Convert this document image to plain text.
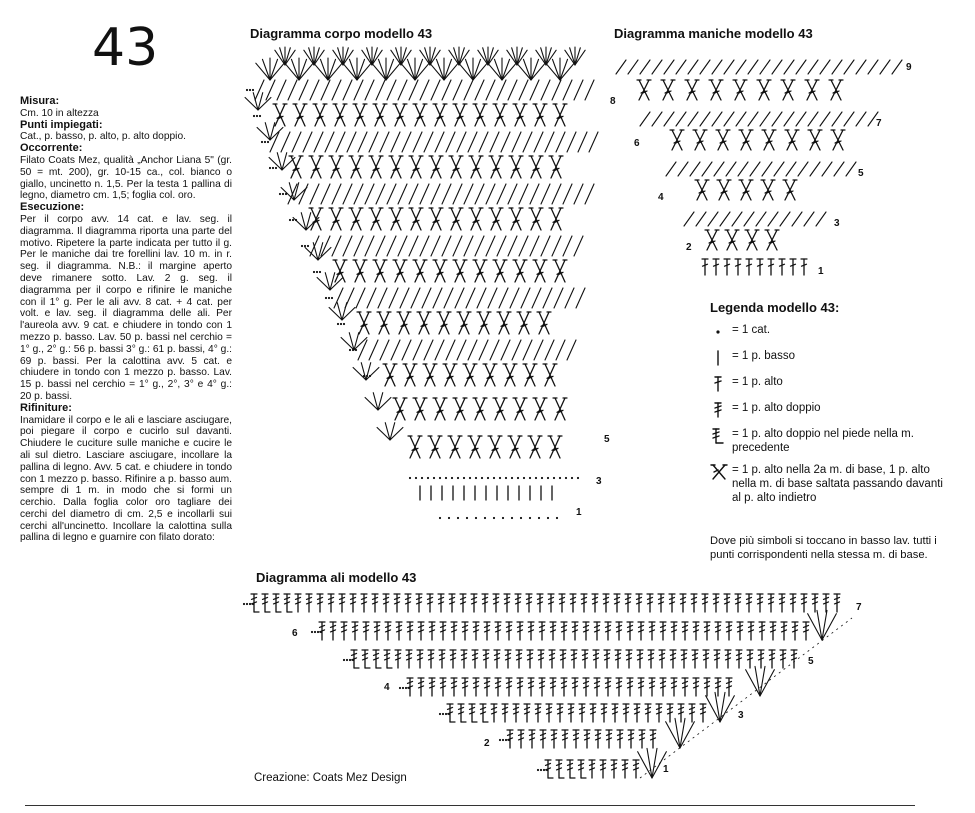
43

Misura:

Cm. 10 in altezza

Punti impiegati:

Cat., p. basso, p. alto, p. alto doppio.

Occorrente:

Filato Coats Mez, qualità „Anchor Liana 5" (gr. 50 = mt. 200), gr. 10-15 ca., col. bianco o giallo, uncinetto n. 1,5. Per la testa 1 pallina di legno, diametro cm. 1,5; foglia col. oro.

Esecuzione:

Per il corpo avv. 14 cat. e lav. seg. il diagramma. Il diagramma riporta una parte del motivo. Ripetere la parte indicata per tutto il g. Per le maniche dai tre forellini lav. 10 m. in r. seg. il diagramma. N.B.: il margine aperto deve rimanere sotto. Lav. 2 g. seg. il diagramma per il corpo e rifinire le maniche con il 1° g. Per le ali avv. 8 cat. + 4 cat. per volt. e lav. seg. il diagramma delle ali. Per l'aureola avv. 9 cat. e chiudere in tondo con 1 mezzo p. basso. Lav. 50 p. bassi nel cerchio = 1° g., 2° g.: 56 p. bassi 3° g.: 61 p. bassi, 4° g.: 69 p. bassi. Per la calottina avv. 5 cat. e chiudere in tondo con 1 mezzo p. basso. Lav. 15 p. bassi nel cerchio = 1° g., 2°, 3° e 4° g.: 20 p. bassi.

Rifiniture:

Inamidare il corpo e le ali e lasciare asciugare, poi piegare il corpo e cucirlo sul davanti. Chiudere le cuciture sulle maniche e cucire le ali sul dietro. Lasciare asciugare, incollare la pallina di legno. Avv. 5 cat. e chiudere in tondo con 1 mezzo p. basso. Rifinire a p. basso aum. sempre di 1 m. in modo che si formi un cerchio. Dalla foglia color oro tagliare dei cerchi del diametro di cm. 2,5 e incollarli sui cerchi all'uncinetto. Incollare la calottina sulla pallina di legno e guarnire con filato dorato:

Diagramma corpo modello 43	Diagramma maniche modello 43
Diagramma ali modello 43
1
3
5
1
2
3
4
5
6
7
8
9
1
2
3
4
5
6
7
Legenda modello 43:
= 1 cat.
= 1 p. basso
= 1 p. alto
= 1 p. alto doppio
= 1 p. alto doppio nel piede nella m. precedente
= 1 p. alto nella 2a m. di base, 1 p. alto nella m. di base saltata passando davanti al p. alto indietro
Dove più simboli si toccano in basso lav. tutti i punti corrispondenti nella stessa m. di base.
Creazione: Coats Mez Design
